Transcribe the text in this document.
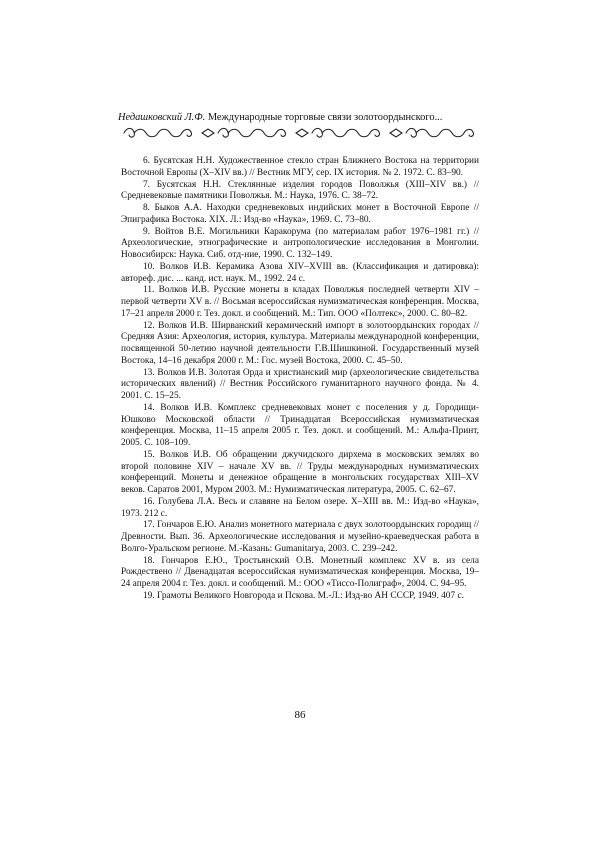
Недашковский Л.Ф. Международные торговые связи золотоордынского...

6. Бусятская Н.Н. Художественное стекло стран Ближнего Востока на территории Восточной Европы (X–XIV вв.) // Вестник МГУ, сер. IX история. № 2. 1972. С. 83–90.

7. Бусятская Н.Н. Стеклянные изделия городов Поволжья (XIII–XIV вв.) // Средневековые памятники Поволжья. М.: Наука, 1976. С. 38–72.

8. Быков А.А. Находки средневековых индийских монет в Восточной Европе // Эпиграфика Востока. XIX. Л.: Изд-во «Наука», 1969. С. 73–80.

9. Войтов В.Е. Могильники Каракорума (по материалам работ 1976–1981 гг.) // Археологические, этнографические и антропологические исследования в Монголии. Новосибирск: Наука. Сиб. отд-ние, 1990. С. 132–149.

10. Волков И.В. Керамика Азова XIV–XVIII вв. (Классификация и датировка): автореф. дис. ... канд. ист. наук. М., 1992. 24 с.

11. Волков И.В. Русские монеты в кладах Поволжья последней четверти XIV – первой четверти XV в. // Восьмая всероссийская нумизматическая конференция. Москва, 17–21 апреля 2000 г. Тез. докл. и сообщений. М.: Тип. ООО «Полтекс», 2000. С. 80–82.

12. Волков И.В. Ширванский керамический импорт в золотоордынских городах // Средняя Азия: Археология, история, культура. Материалы международной конференции, посвященной 50-летию научной деятельности Г.В.Шишкиной. Государственный музей Востока, 14–16 декабря 2000 г. М.: Гос. музей Востока, 2000. С. 45–50.

13. Волков И.В. Золотая Орда и христианский мир (археологические свидетельства исторических явлений) // Вестник Российского гуманитарного научного фонда. № 4. 2001. С. 15–25.

14. Волков И.В. Комплекс средневековых монет с поселения у д. Городищи-Юшково Московской области // Тринадцатая Всероссийская нумизматическая конференция. Москва, 11–15 апреля 2005 г. Тез. докл. и сообщений. М.: Альфа-Принт, 2005. С. 108–109.

15. Волков И.В. Об обращении джучидского дирхема в московских землях во второй половине XIV – начале XV вв. // Труды международных нумизматических конференций. Монеты и денежное обращение в монгольских государствах XIII–XV веков. Саратов 2001, Муром 2003. М.: Нумизматическая литература, 2005. С. 62–67.

16. Голубева Л.А. Весь и славяне на Белом озере. X–XIII вв. М.: Изд-во «Наука», 1973. 212 с.

17. Гончаров Е.Ю. Анализ монетного материала с двух золотоордынских городищ // Древности. Вып. 36. Археологические исследования и музейно-краеведческая работа в Волго-Уральском регионе. М.-Казань: Gumanitarya, 2003. С. 239–242.

18. Гончаров Е.Ю., Тростьянский О.В. Монетный комплекс XV в. из села Рождествено // Двенадцатая всероссийская нумизматическая конференция. Москва, 19–24 апреля 2004 г. Тез. докл. и сообщений. М.: ООО «Тиссо-Полиграф», 2004. С. 94–95.

19. Грамоты Великого Новгорода и Пскова. М.-Л.: Изд-во АН СССР, 1949. 407 с.

86
